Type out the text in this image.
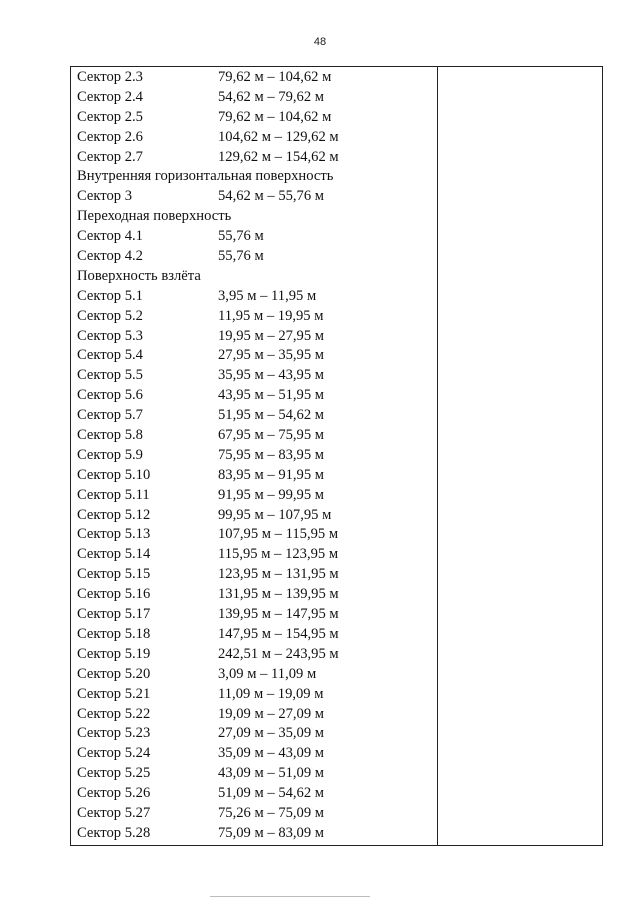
48
Сектор 2.3	79,62 м – 104,62 м
Сектор 2.4	54,62 м – 79,62 м
Сектор 2.5	79,62 м – 104,62 м
Сектор 2.6	104,62 м – 129,62 м
Сектор 2.7	129,62 м – 154,62 м
Внутренняя горизонтальная поверхность
Сектор 3	54,62 м – 55,76 м
Переходная поверхность
Сектор 4.1	55,76 м
Сектор 4.2	55,76 м
Поверхность взлёта
Сектор 5.1	3,95 м – 11,95 м
Сектор 5.2	11,95 м – 19,95 м
Сектор 5.3	19,95 м – 27,95 м
Сектор 5.4	27,95 м – 35,95 м
Сектор 5.5	35,95 м – 43,95 м
Сектор 5.6	43,95 м – 51,95 м
Сектор 5.7	51,95 м – 54,62 м
Сектор 5.8	67,95 м – 75,95 м
Сектор 5.9	75,95 м – 83,95 м
Сектор 5.10	83,95 м – 91,95 м
Сектор 5.11	91,95 м – 99,95 м
Сектор 5.12	99,95 м – 107,95 м
Сектор 5.13	107,95 м – 115,95 м
Сектор 5.14	115,95 м – 123,95 м
Сектор 5.15	123,95 м – 131,95 м
Сектор 5.16	131,95 м – 139,95 м
Сектор 5.17	139,95 м – 147,95 м
Сектор 5.18	147,95 м – 154,95 м
Сектор 5.19	242,51 м – 243,95 м
Сектор 5.20	3,09 м – 11,09 м
Сектор 5.21	11,09 м – 19,09 м
Сектор 5.22	19,09 м – 27,09 м
Сектор 5.23	27,09 м – 35,09 м
Сектор 5.24	35,09 м – 43,09 м
Сектор 5.25	43,09 м – 51,09 м
Сектор 5.26	51,09 м – 54,62 м
Сектор 5.27	75,26 м – 75,09 м
Сектор 5.28	75,09 м – 83,09 м
